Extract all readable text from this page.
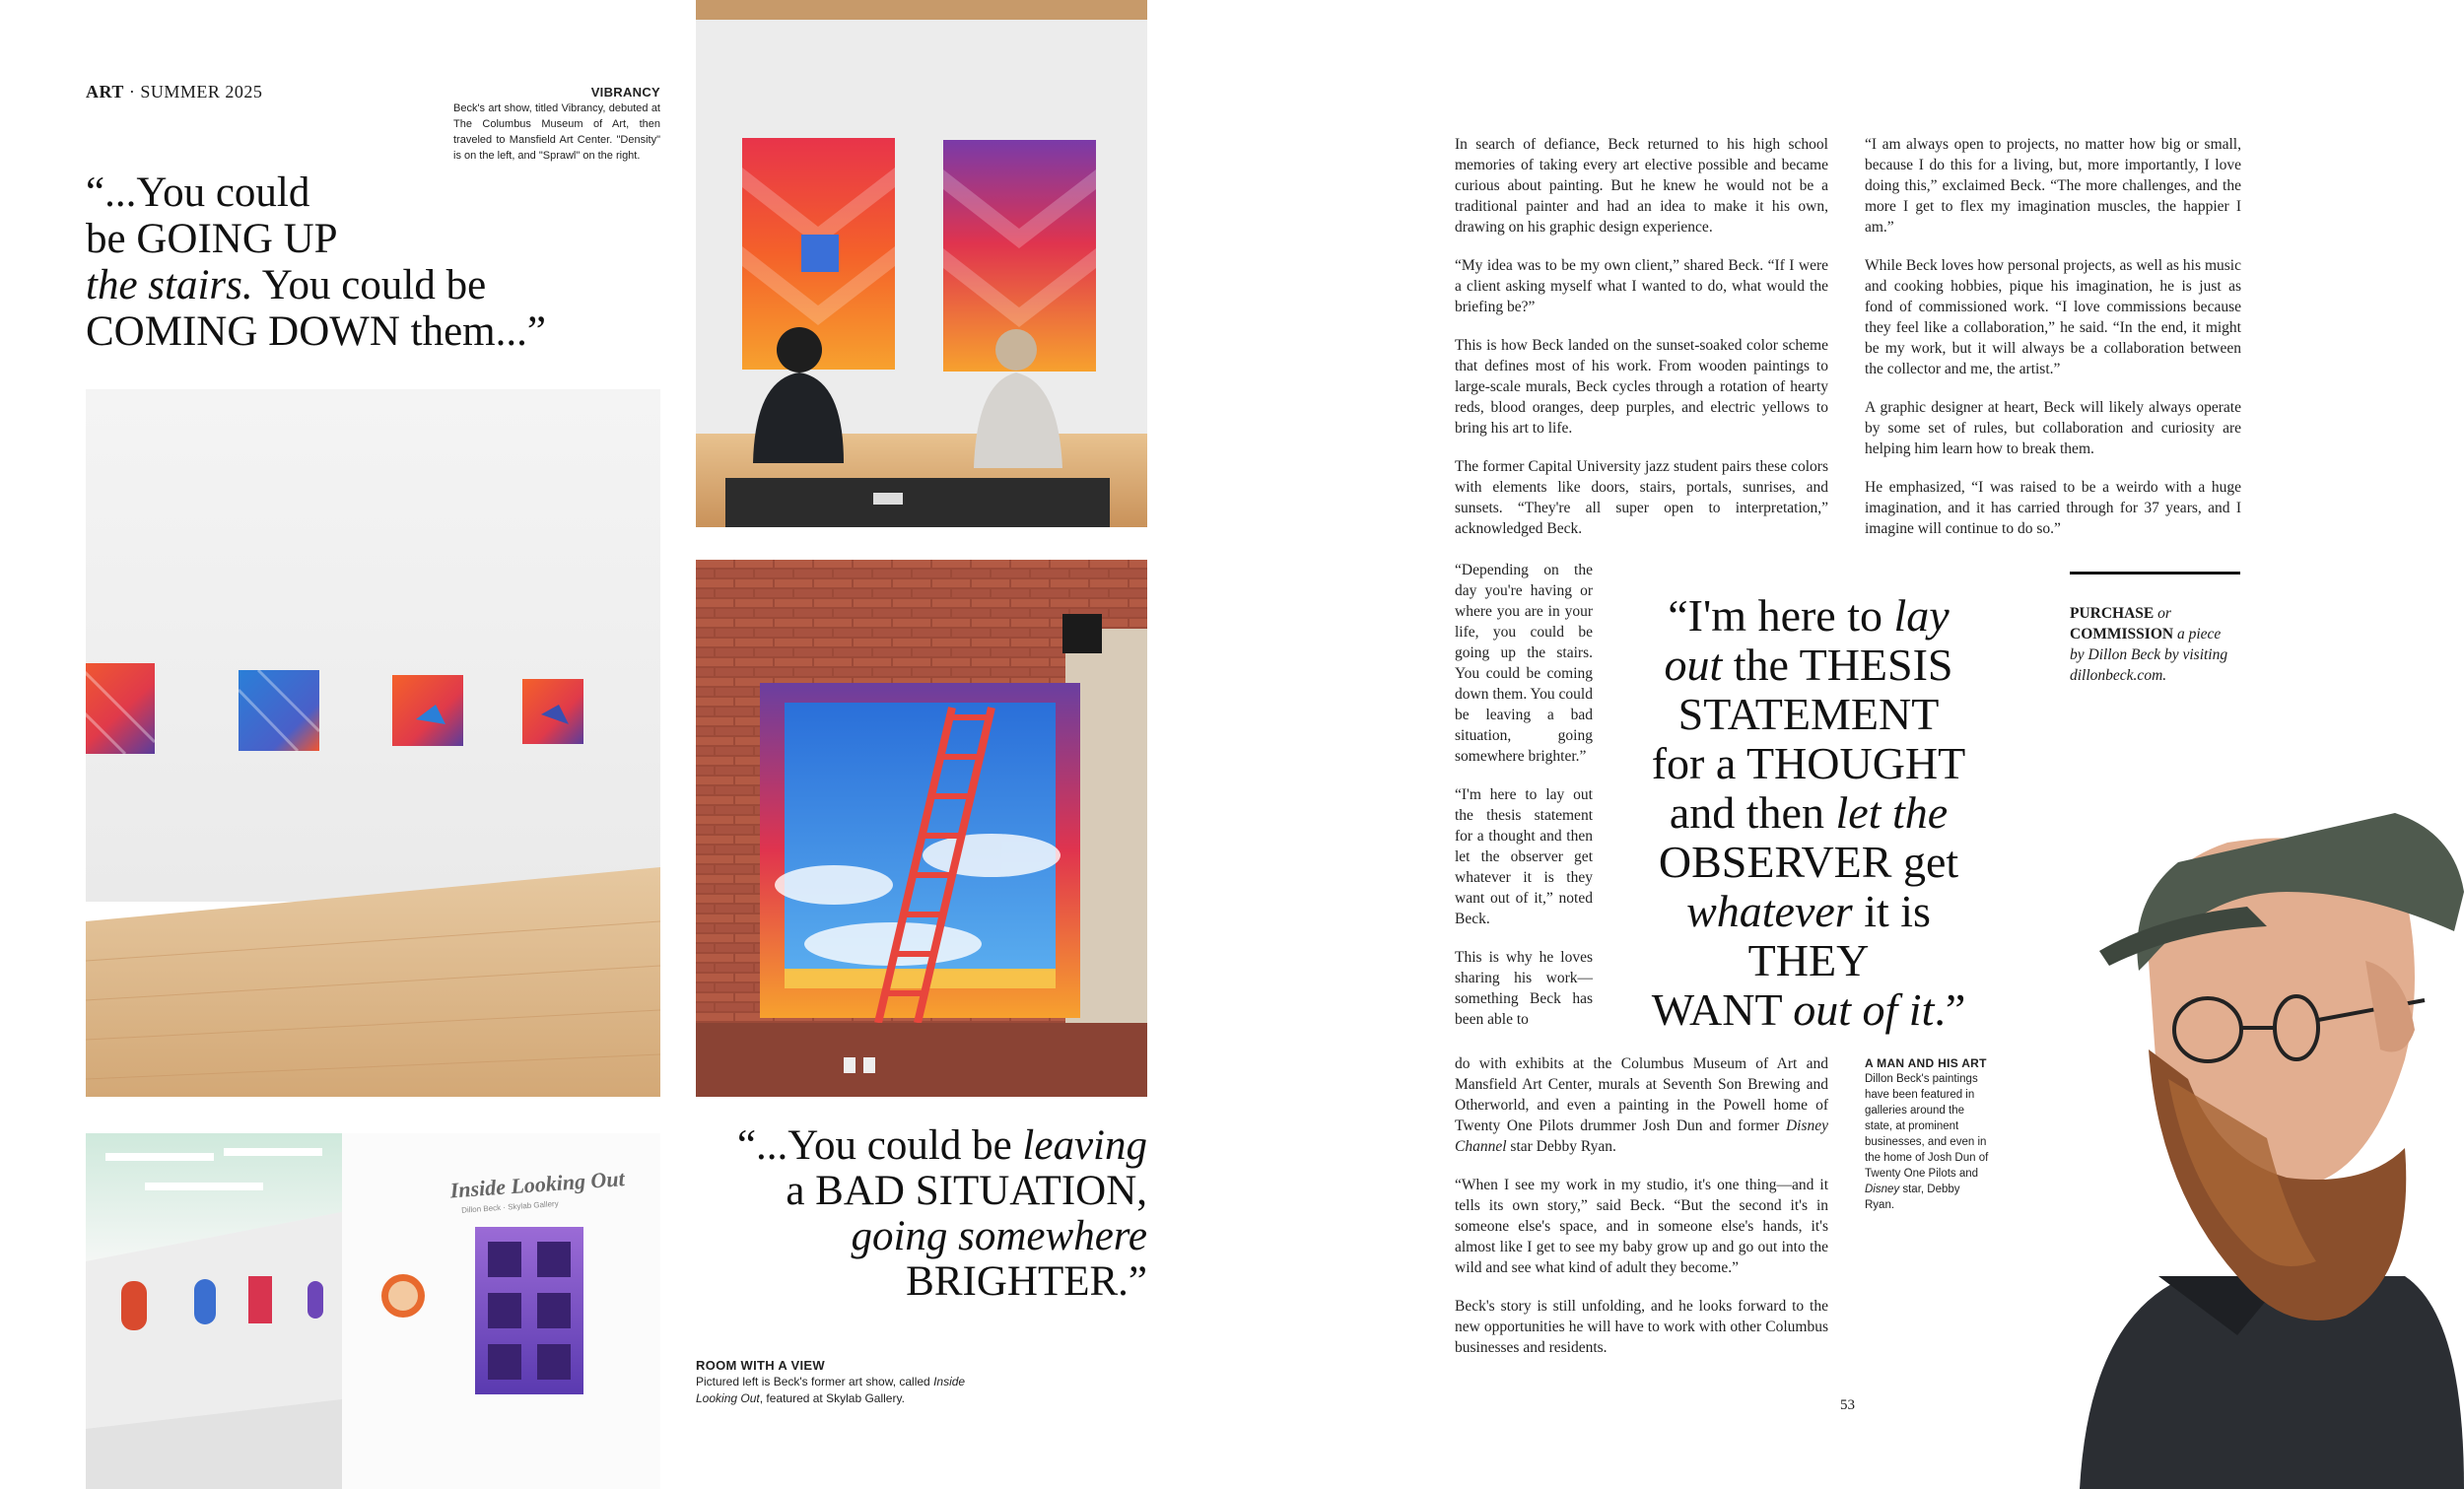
ART · SUMMER 2025	VIBRANCY
Beck's art show, titled Vibrancy, debuted at The Columbus Museum of Art, then traveled to Mansfield Art Center. "Density" is on the left, and "Sprawl" on the right.
“...You could
be GOING UP
the stairs. You could be
COMING DOWN them...”
Inside Looking Out
Dillon Beck · Skylab Gallery
“...You could be leaving
a BAD SITUATION,
going somewhere
BRIGHTER.”
ROOM WITH A VIEW
Pictured left is Beck's former art show, called Inside Looking Out, featured at Skylab Gallery.

In search of defiance, Beck returned to his high school memories of taking every art elective possible and became curious about painting. But he knew he would not be a traditional painter and had an idea to make it his own, drawing on his graphic design experience.

“My idea was to be my own client,” shared Beck. “If I were a client asking myself what I wanted to do, what would the briefing be?”

This is how Beck landed on the sunset-soaked color scheme that defines most of his work. From wooden paintings to large-scale murals, Beck cycles through a rotation of hearty reds, blood oranges, deep purples, and electric yellows to bring his art to life.

The former Capital University jazz student pairs these colors with elements like doors, stairs, portals, sunrises, and sunsets. “They're all super open to interpretation,” acknowledged Beck.

“Depending on the day you're having or where you are in your life, you could be going up the stairs. You could be coming down them. You could be leaving a bad situation, going somewhere brighter.”

“I'm here to lay out the thesis statement for a thought and then let the observer get whatever it is they want out of it,” noted Beck.

This is why he loves sharing his work—something Beck has been able to

do with exhibits at the Columbus Museum of Art and Mansfield Art Center, murals at Seventh Son Brewing and Otherworld, and even a painting in the Powell home of Twenty One Pilots drummer Josh Dun and former Disney Channel star Debby Ryan.

“When I see my work in my studio, it's one thing—and it tells its own story,” said Beck. “But the second it's in someone else's space, and in someone else's hands, it's almost like I get to see my baby grow up and go out into the wild and see what kind of adult they become.”

Beck's story is still unfolding, and he looks forward to the new opportunities he will have to work with other Columbus businesses and residents.

“I am always open to projects, no matter how big or small, because I do this for a living, but, more importantly, I love doing this,” exclaimed Beck. “The more challenges, and the more I get to flex my imagination muscles, the happier I am.”

While Beck loves how personal projects, as well as his music and cooking hobbies, pique his imagination, he is just as fond of commissioned work. “I love commissions because they feel like a collaboration,” he said. “In the end, it might be my work, but it will always be a collaboration between the collector and me, the artist.”

A graphic designer at heart, Beck will likely always operate by some set of rules, but collaboration and curiosity are helping him learn how to break them.

He emphasized, “I was raised to be a weirdo with a huge imagination, and it has carried through for 37 years, and I imagine will continue to do so.”

“I'm here to lay
out the THESIS
STATEMENT
for a THOUGHT
and then let the
OBSERVER get
whatever it is THEY
WANT out of it.”
PURCHASE or
COMMISSION a piece
by Dillon Beck by visiting
dillonbeck.com.
A MAN AND HIS ART
Dillon Beck's paintings have been featured in galleries around the state, at prominent businesses, and even in the home of Josh Dun of Twenty One Pilots and Disney star, Debby Ryan.
53
